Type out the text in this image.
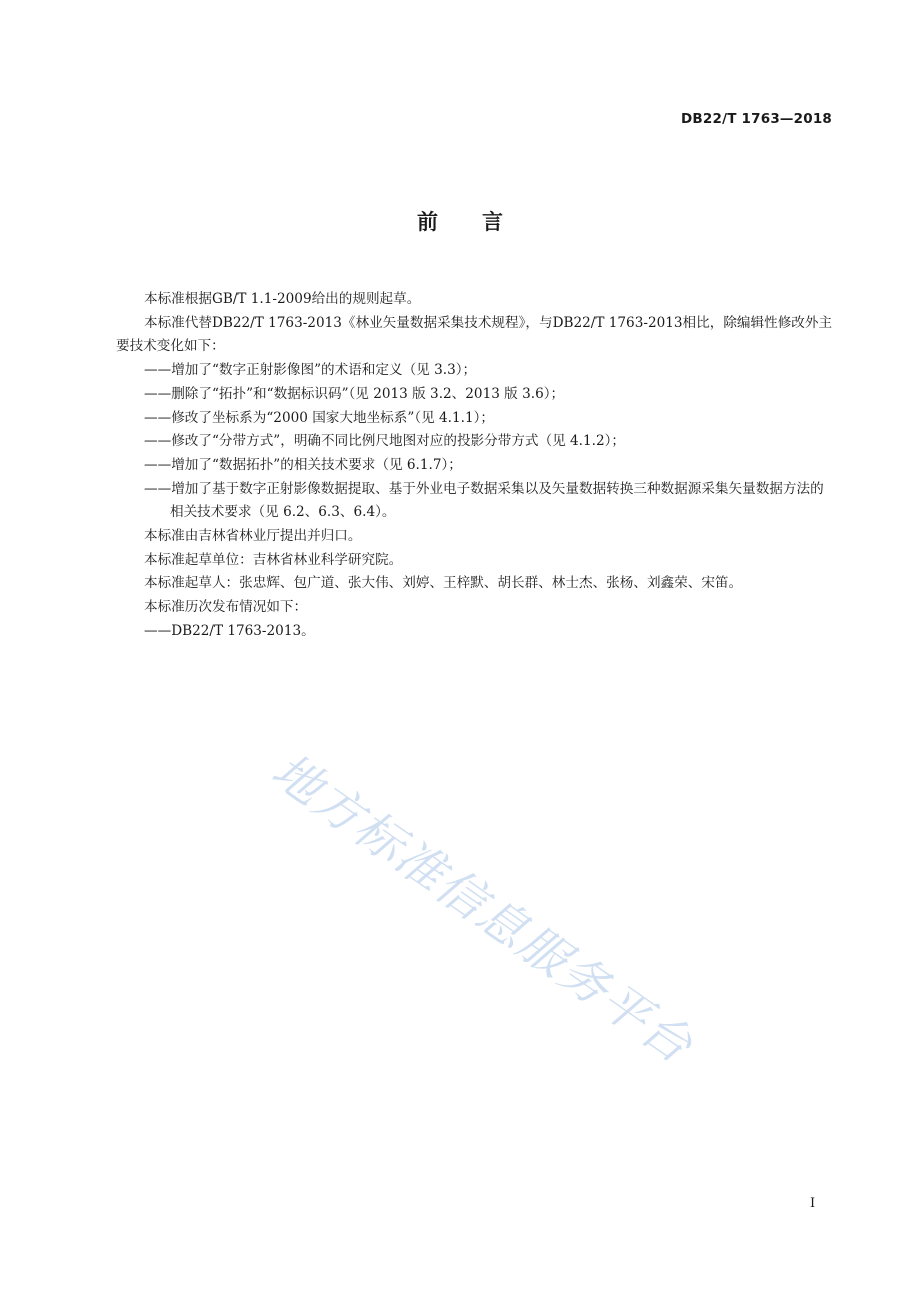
DB22/T 1763—2018
前言

本标准根据GB/T 1.1-2009给出的规则起草。

本标准代替DB22/T 1763-2013《林业矢量数据采集技术规程》，与DB22/T 1763-2013相比，除编辑性修改外主要技术变化如下：

——增加了“数字正射影像图”的术语和定义（见 3.3）；

——删除了“拓扑”和“数据标识码”（见 2013 版 3.2、2013 版 3.6）；

——修改了坐标系为“2000 国家大地坐标系”（见 4.1.1）；

——修改了“分带方式”，明确不同比例尺地图对应的投影分带方式（见 4.1.2）；

——增加了“数据拓扑”的相关技术要求（见 6.1.7）；

——增加了基于数字正射影像数据提取、基于外业电子数据采集以及矢量数据转换三种数据源采集矢量数据方法的相关技术要求（见 6.2、6.3、6.4）。

本标准由吉林省林业厅提出并归口。

本标准起草单位：吉林省林业科学研究院。

本标准起草人：张忠辉、包广道、张大伟、刘婷、王梓默、胡长群、林士杰、张杨、刘鑫荣、宋笛。

本标准历次发布情况如下：

——DB22/T 1763-2013。

地方标准信息服务平台
I
